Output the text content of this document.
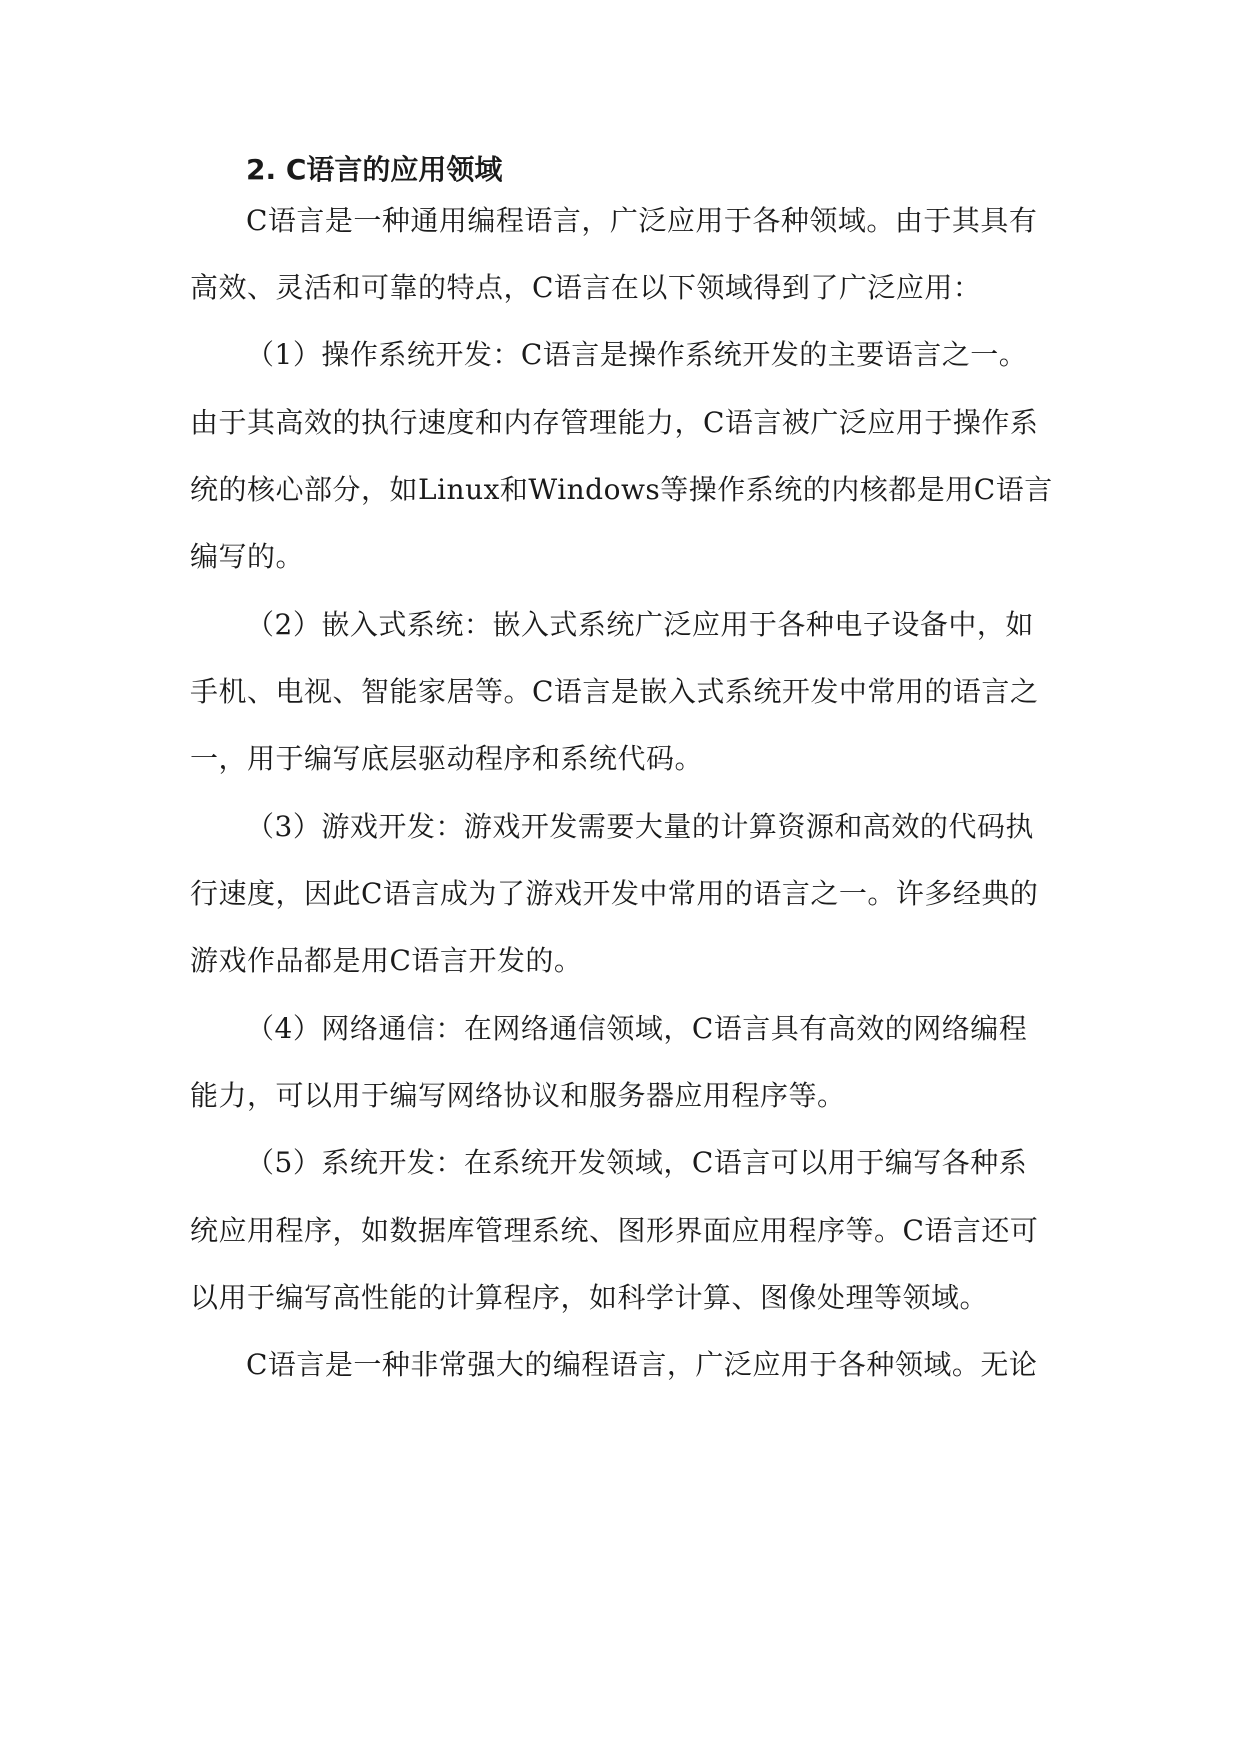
2. C语言的应用领域
C语言是一种通用编程语言，广泛应用于各种领域。由于其具有
高效、灵活和可靠的特点，C语言在以下领域得到了广泛应用：
（1）操作系统开发：C语言是操作系统开发的主要语言之一。
由于其高效的执行速度和内存管理能力，C语言被广泛应用于操作系
统的核心部分，如Linux和Windows等操作系统的内核都是用C语言
编写的。
（2）嵌入式系统：嵌入式系统广泛应用于各种电子设备中，如
手机、电视、智能家居等。C语言是嵌入式系统开发中常用的语言之
一，用于编写底层驱动程序和系统代码。
（3）游戏开发：游戏开发需要大量的计算资源和高效的代码执
行速度，因此C语言成为了游戏开发中常用的语言之一。许多经典的
游戏作品都是用C语言开发的。
（4）网络通信：在网络通信领域，C语言具有高效的网络编程
能力，可以用于编写网络协议和服务器应用程序等。
（5）系统开发：在系统开发领域，C语言可以用于编写各种系
统应用程序，如数据库管理系统、图形界面应用程序等。C语言还可
以用于编写高性能的计算程序，如科学计算、图像处理等领域。
C语言是一种非常强大的编程语言，广泛应用于各种领域。无论
